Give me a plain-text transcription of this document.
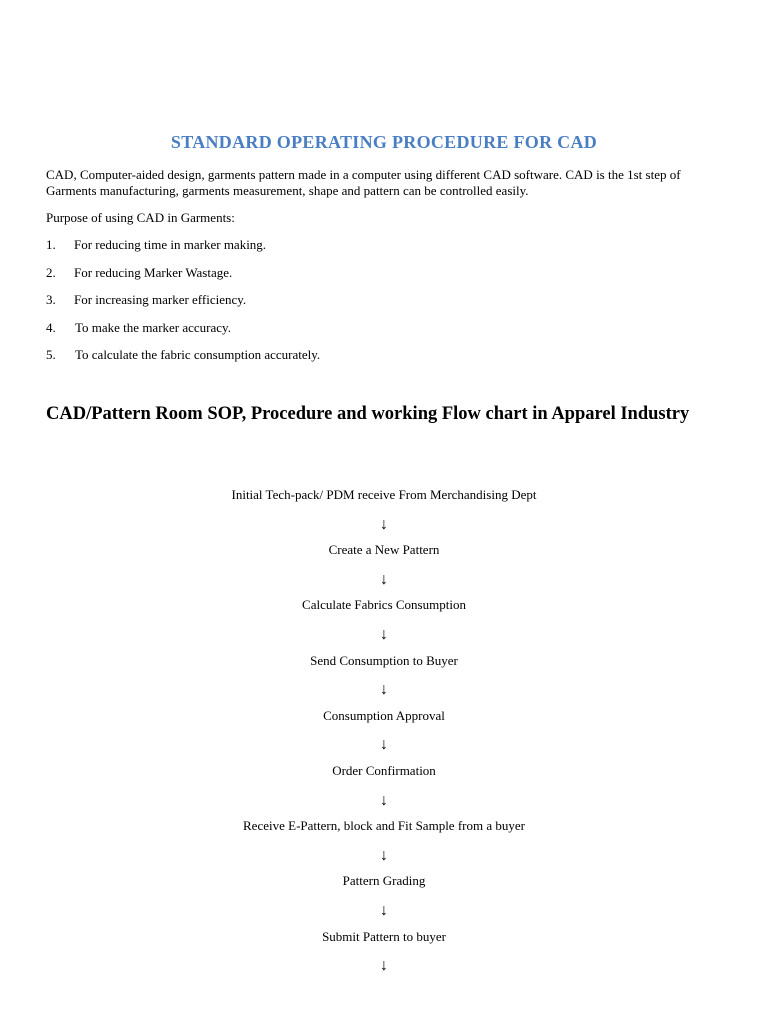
STANDARD OPERATING PROCEDURE FOR CAD
CAD, Computer-aided design, garments pattern made in a computer using different CAD software. CAD is the 1st step of Garments manufacturing, garments measurement, shape and pattern can be controlled easily.
Purpose of using CAD in Garments:
1. For reducing time in marker making.
2. For reducing Marker Wastage.
3. For increasing marker efficiency.
4. To make the marker accuracy.
5. To calculate the fabric consumption accurately.
CAD/Pattern Room SOP, Procedure and working Flow chart in Apparel Industry
Initial Tech-pack/ PDM receive From Merchandising Dept
↓
Create a New Pattern
↓
Calculate Fabrics Consumption
↓
Send Consumption to Buyer
↓
Consumption Approval
↓
Order Confirmation
↓
Receive E-Pattern, block and Fit Sample from a buyer
↓
Pattern Grading
↓
Submit Pattern to buyer
↓
